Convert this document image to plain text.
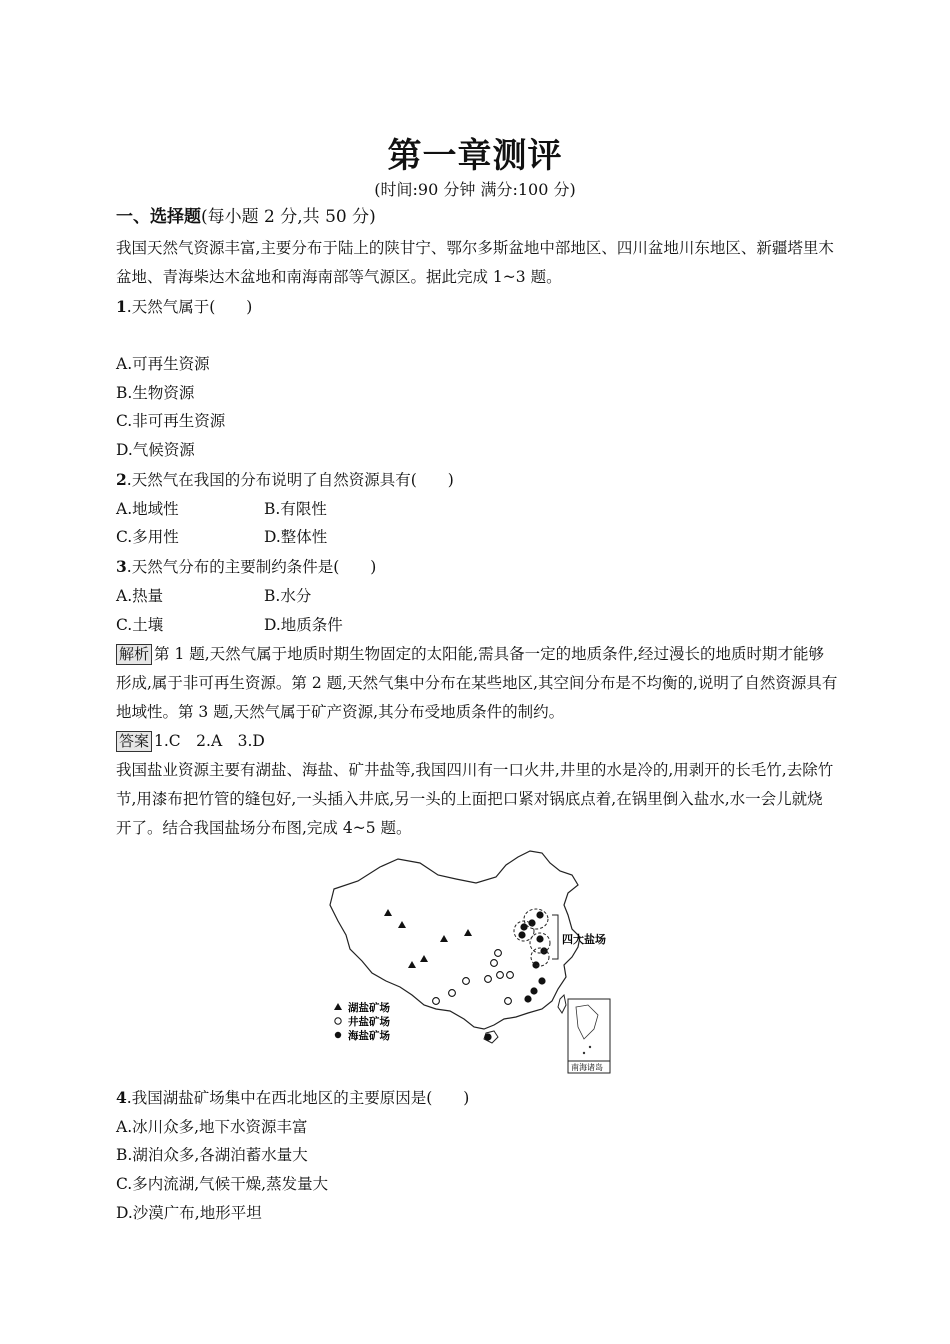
第一章测评
(时间:90 分钟 满分:100 分)
一、选择题(每小题 2 分,共 50 分)

我国天然气资源丰富,主要分布于陆上的陕甘宁、鄂尔多斯盆地中部地区、四川盆地川东地区、新疆塔里木盆地、青海柴达木盆地和南海南部等气源区。据此完成 1~3 题。

1.天然气属于(　　)

A.可再生资源
B.生物资源
C.非可再生资源
D.气候资源

2.天然气在我国的分布说明了自然资源具有(　　)

A.地域性	B.有限性
C.多用性	D.整体性

3.天然气分布的主要制约条件是(　　)

A.热量	B.水分
C.土壤	D.地质条件

解析 第 1 题,天然气属于地质时期生物固定的太阳能,需具备一定的地质条件,经过漫长的地质时期才能够形成,属于非可再生资源。第 2 题,天然气集中分布在某些地区,其空间分布是不均衡的,说明了自然资源具有地域性。第 3 题,天然气属于矿产资源,其分布受地质条件的制约。

答案 1.C　2.A　3.D

我国盐业资源主要有湖盐、海盐、矿井盐等,我国四川有一口火井,井里的水是冷的,用剥开的长毛竹,去除竹节,用漆布把竹管的缝包好,一头插入井底,另一头的上面把口紧对锅底点着,在锅里倒入盐水,水一会儿就烧开了。结合我国盐场分布图,完成 4~5 题。

四大盐场
湖盐矿场
井盐矿场
海盐矿场
南海诸岛

4.我国湖盐矿场集中在西北地区的主要原因是(　　)

A.冰川众多,地下水资源丰富
B.湖泊众多,各湖泊蓄水量大
C.多内流湖,气候干燥,蒸发量大
D.沙漠广布,地形平坦
